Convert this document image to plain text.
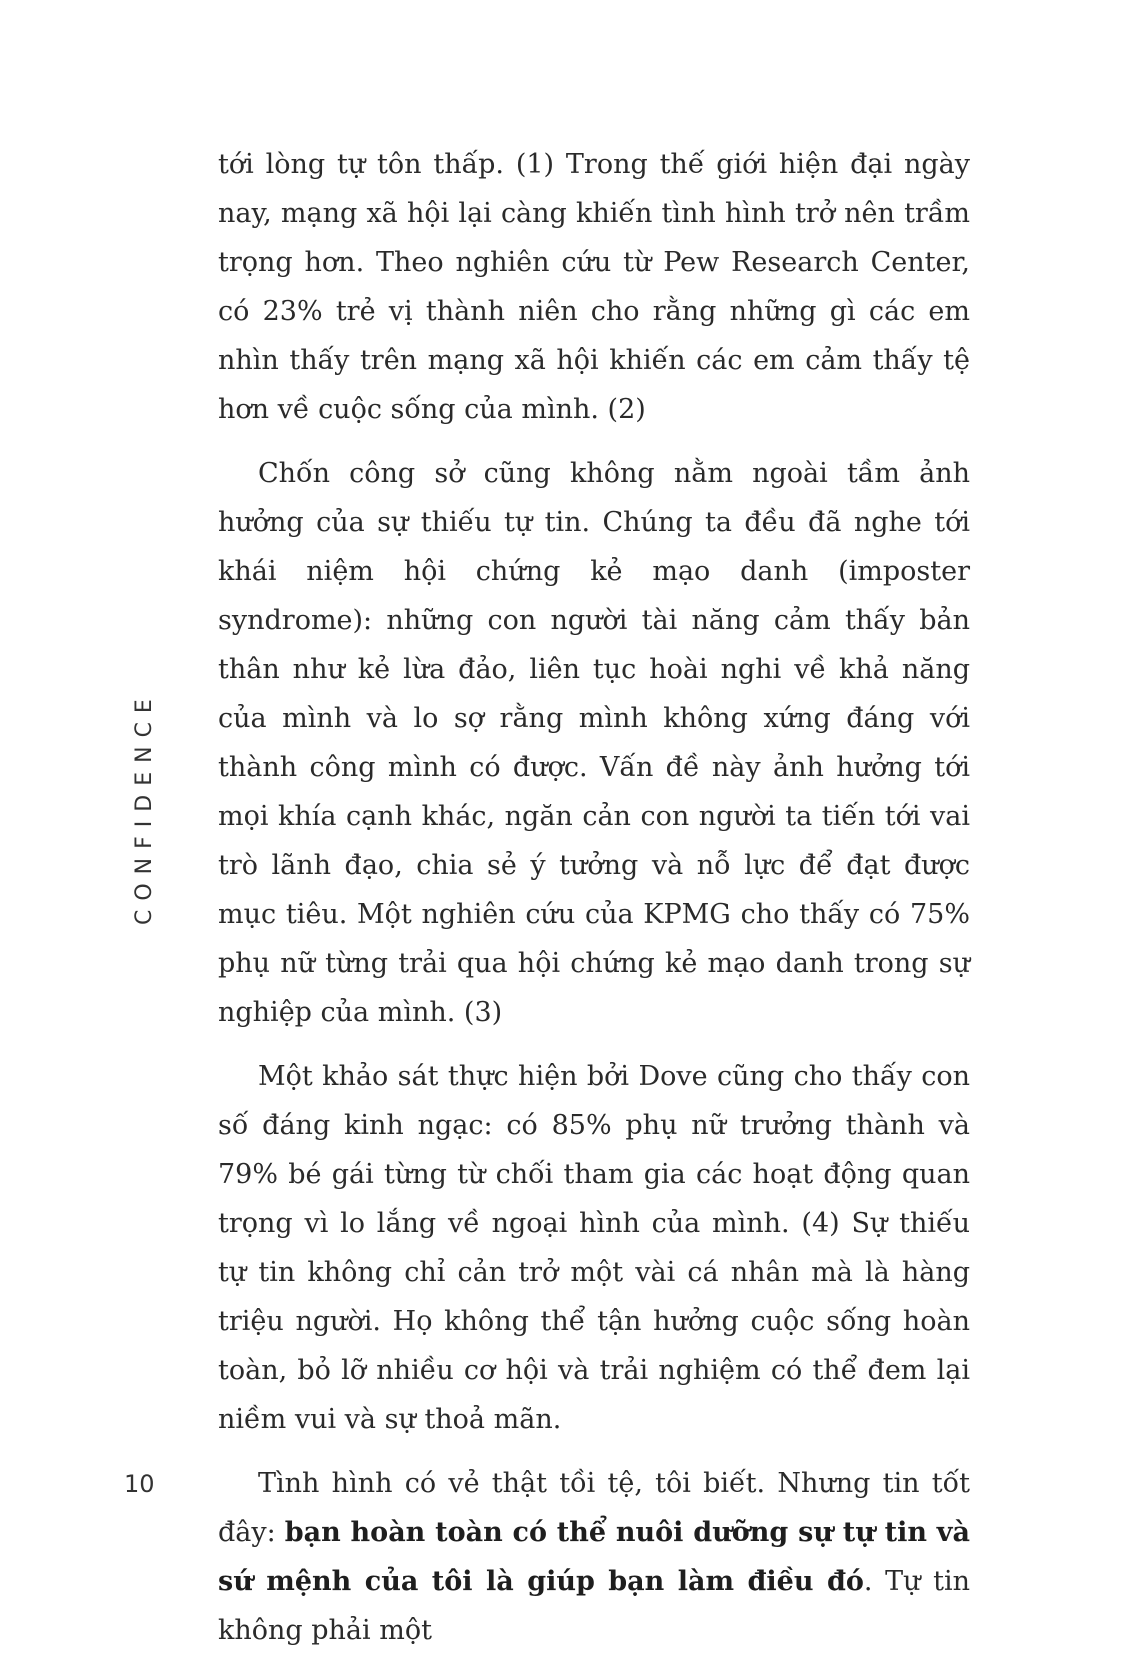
CONFIDENCE

tới lòng tự tôn thấp. (1) Trong thế giới hiện đại ngày nay, mạng xã hội lại càng khiến tình hình trở nên trầm trọng hơn. Theo nghiên cứu từ Pew Research Center, có 23% trẻ vị thành niên cho rằng những gì các em nhìn thấy trên mạng xã hội khiến các em cảm thấy tệ hơn về cuộc sống của mình. (2)

Chốn công sở cũng không nằm ngoài tầm ảnh hưởng của sự thiếu tự tin. Chúng ta đều đã nghe tới khái niệm hội chứng kẻ mạo danh (imposter syndrome): những con người tài năng cảm thấy bản thân như kẻ lừa đảo, liên tục hoài nghi về khả năng của mình và lo sợ rằng mình không xứng đáng với thành công mình có được. Vấn đề này ảnh hưởng tới mọi khía cạnh khác, ngăn cản con người ta tiến tới vai trò lãnh đạo, chia sẻ ý tưởng và nỗ lực để đạt được mục tiêu. Một nghiên cứu của KPMG cho thấy có 75% phụ nữ từng trải qua hội chứng kẻ mạo danh trong sự nghiệp của mình. (3)

Một khảo sát thực hiện bởi Dove cũng cho thấy con số đáng kinh ngạc: có 85% phụ nữ trưởng thành và 79% bé gái từng từ chối tham gia các hoạt động quan trọng vì lo lắng về ngoại hình của mình. (4) Sự thiếu tự tin không chỉ cản trở một vài cá nhân mà là hàng triệu người. Họ không thể tận hưởng cuộc sống hoàn toàn, bỏ lỡ nhiều cơ hội và trải nghiệm có thể đem lại niềm vui và sự thoả mãn.

Tình hình có vẻ thật tồi tệ, tôi biết. Nhưng tin tốt đây: bạn hoàn toàn có thể nuôi dưỡng sự tự tin và sứ mệnh của tôi là giúp bạn làm điều đó. Tự tin không phải một

10
